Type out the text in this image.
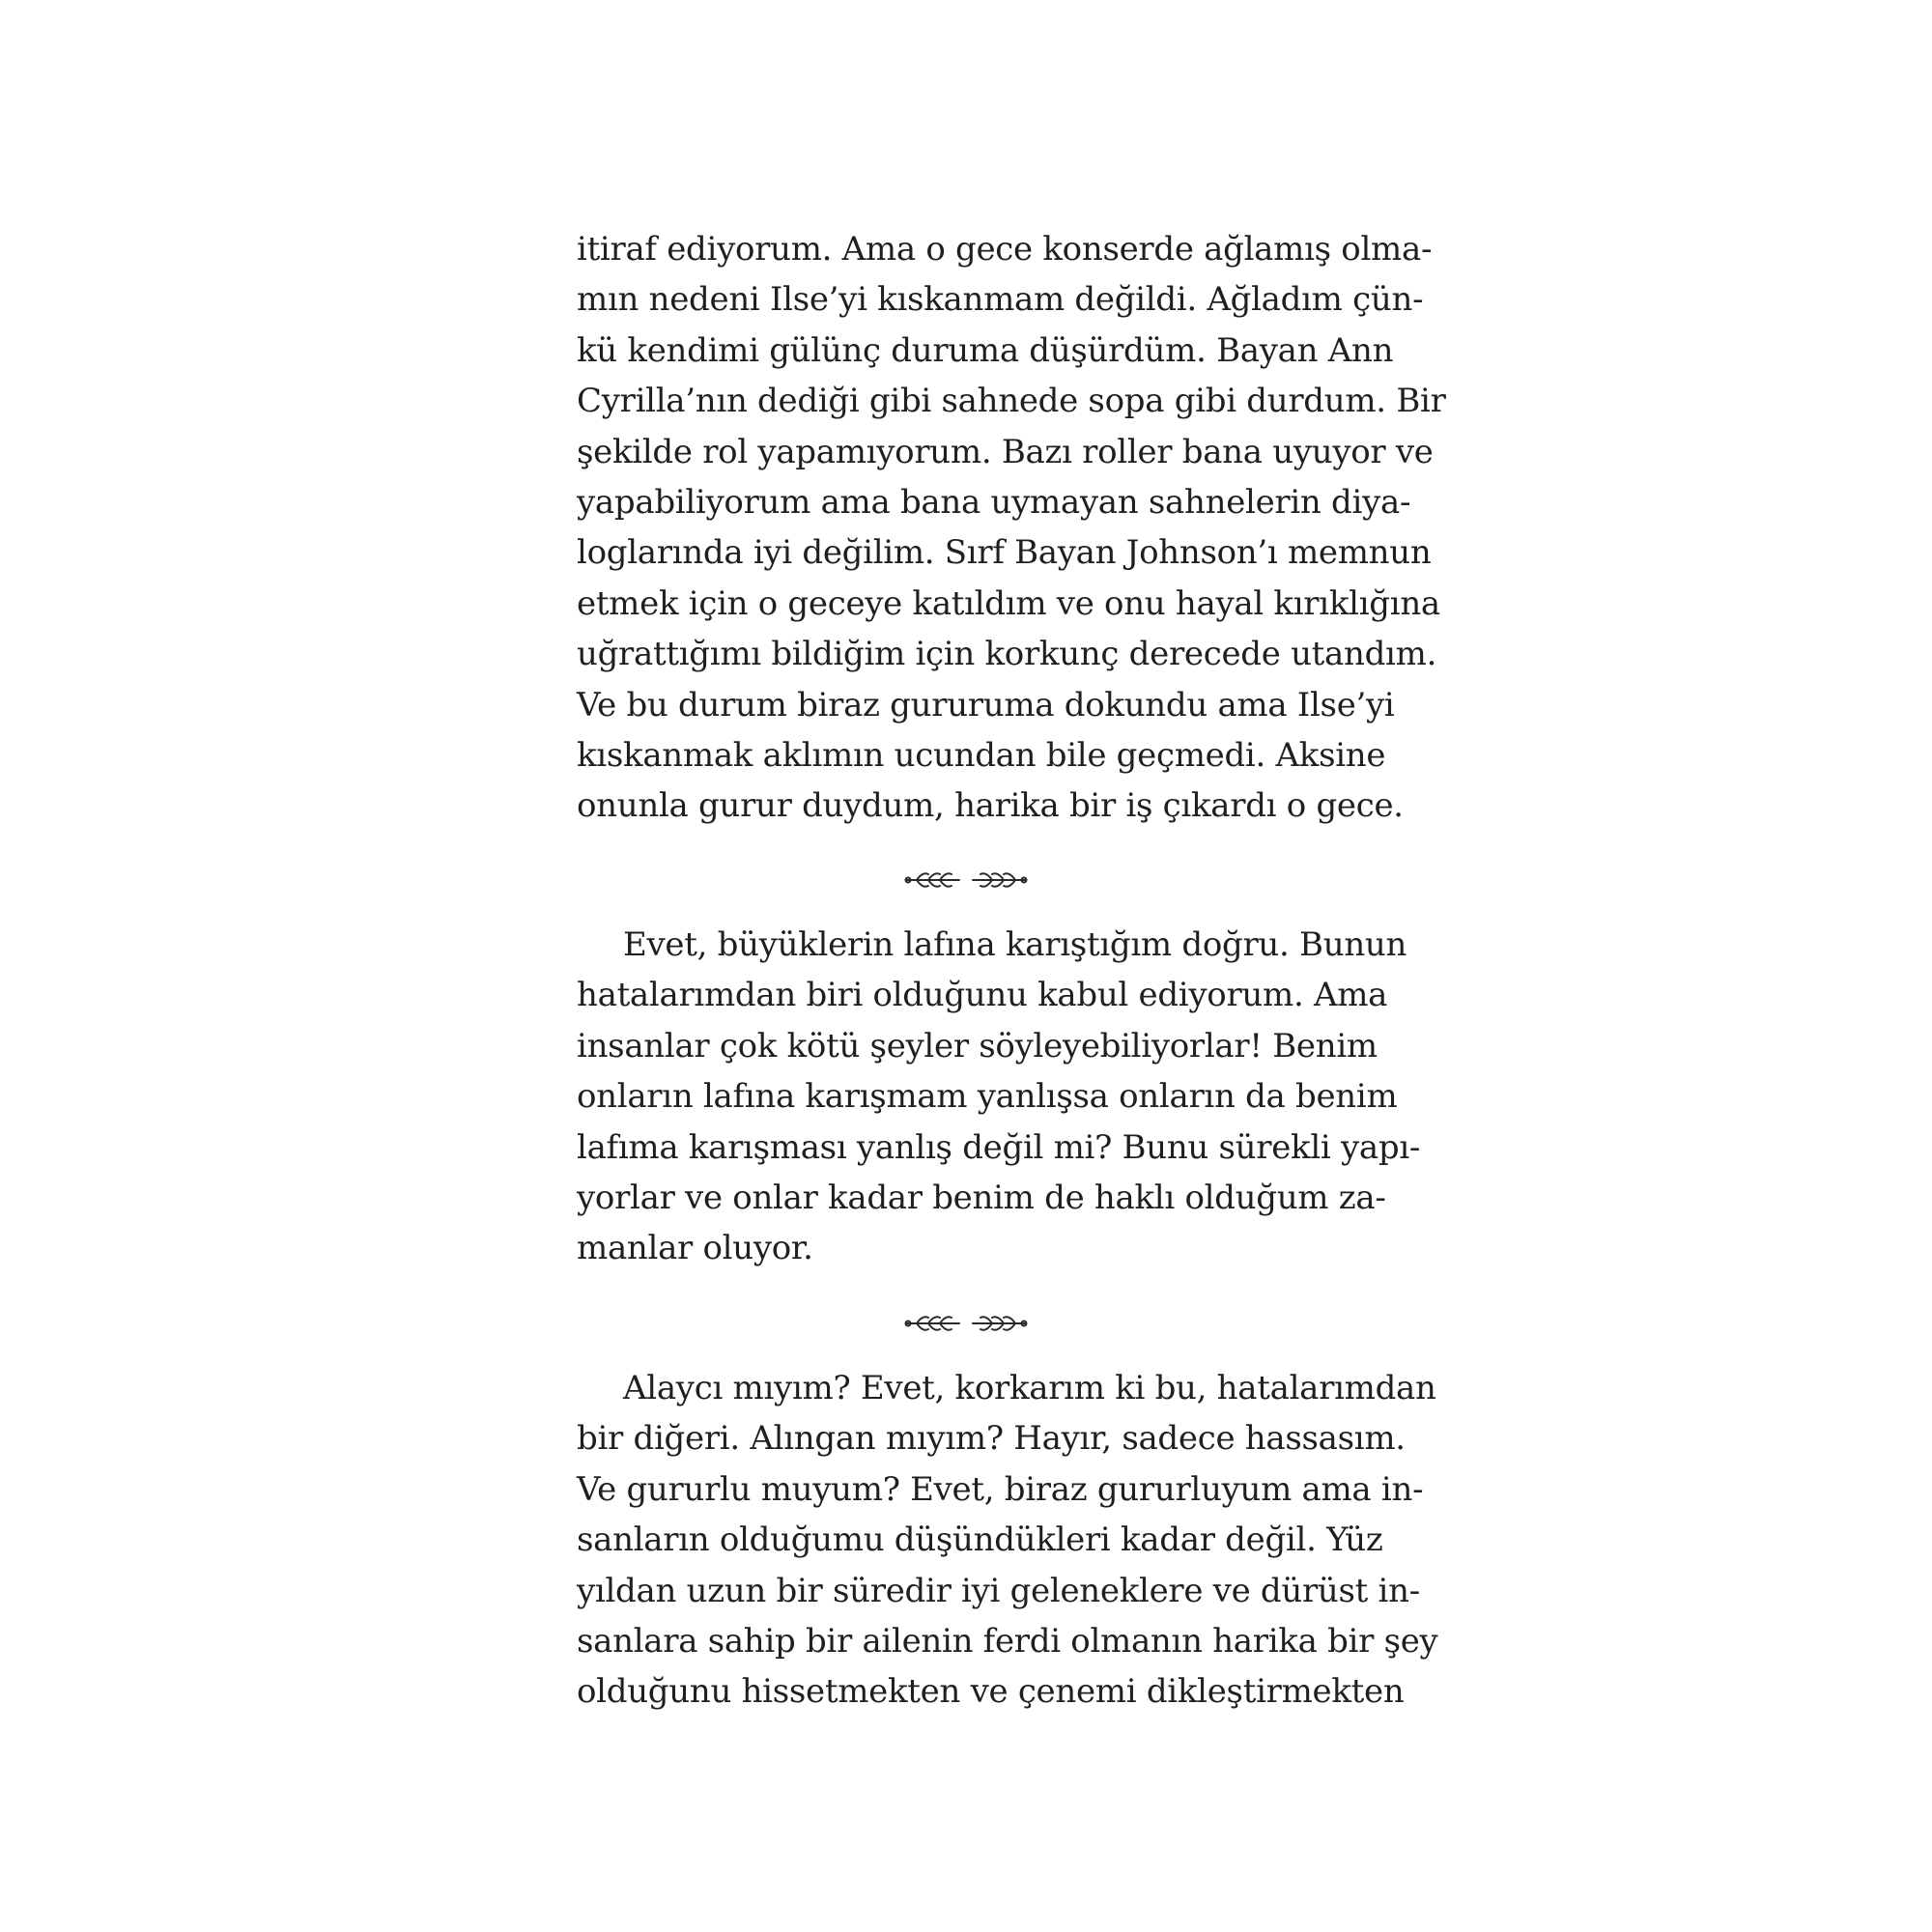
itiraf ediyorum. Ama o gece konserde ağlamış olma-
mın nedeni Ilse’yi kıskanmam değildi. Ağladım çün-
kü kendimi gülünç duruma düşürdüm. Bayan Ann
Cyrilla’nın dediği gibi sahnede sopa gibi durdum. Bir
şekilde rol yapamıyorum. Bazı roller bana uyuyor ve
yapabiliyorum ama bana uymayan sahnelerin diya-
loglarında iyi değilim. Sırf Bayan Johnson’ı memnun
etmek için o geceye katıldım ve onu hayal kırıklığına
uğrattığımı bildiğim için korkunç derecede utandım.
Ve bu durum biraz gururuma dokundu ama Ilse’yi
kıskanmak aklımın ucundan bile geçmedi. Aksine
onunla gurur duydum, harika bir iş çıkardı o gece.
Evet, büyüklerin lafına karıştığım doğru. Bunun
hatalarımdan biri olduğunu kabul ediyorum. Ama
insanlar çok kötü şeyler söyleyebiliyorlar! Benim
onların lafına karışmam yanlışsa onların da benim
lafıma karışması yanlış değil mi? Bunu sürekli yapı-
yorlar ve onlar kadar benim de haklı olduğum za-
manlar oluyor.
Alaycı mıyım? Evet, korkarım ki bu, hatalarımdan
bir diğeri. Alıngan mıyım? Hayır, sadece hassasım.
Ve gururlu muyum? Evet, biraz gururluyum ama in-
sanların olduğumu düşündükleri kadar değil. Yüz
yıldan uzun bir süredir iyi geleneklere ve dürüst in-
sanlara sahip bir ailenin ferdi olmanın harika bir şey
olduğunu hissetmekten ve çenemi dikleştirmekten
